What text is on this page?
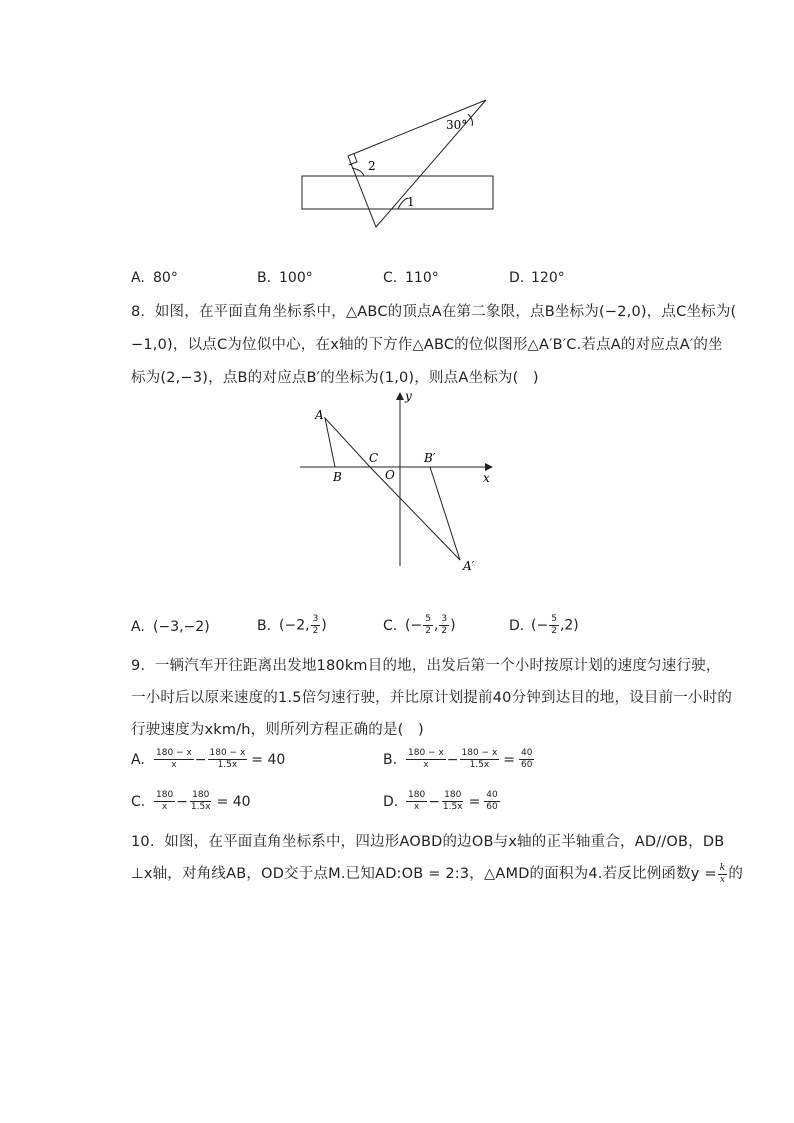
30°
2
1
A. 80°	B. 100°	C. 110°	D. 120°
8.  如图，在平面直角坐标系中，△ABC的顶点A在第二象限，点B坐标为(−2,0)，点C坐标为(
−1,0)，以点C为位似中心，在x轴的下方作△ABC的位似图形△A′B′C.若点A的对应点A′的坐
标为(2,−3)，点B的对应点B′的坐标为(1,0)，则点A坐标为(   )
A
B
C
O
B′
A′
x
y
A. (−3,−2)	B. (−2, $\frac{3}{2}$ )	C. (− $\frac{5}{2}$ , $\frac{3}{2}$ )	D. (− $\frac{5}{2} ,2$)
9.  一辆汽车开往距离出发地180km目的地，出发后第一个小时按原计划的速度匀速行驶，
一小时后以原来速度的1.5倍匀速行驶，并比原计划提前40分钟到达目的地，设目前一小时的
行驶速度为xkm/h，则所列方程正确的是(   )
A.	$\frac{180 - x}{x} - \frac{180 - x}{1.5x} = 40$	B. $\frac{180 - x}{x} - \frac{180 - x}{1.5x} = \frac{40}{60}$
C. $\frac{180}{x} - \frac{180}{1.5x} = 40$	D. $\frac{180}{x} - \frac{180}{1.5x} = \frac{40}{60}$
10.  如图，在平面直角坐标系中，四边形AOBD的边OB与x轴的正半轴重合，AD//OB，DB
⊥x轴，对角线AB，OD交于点M.已知AD:OB = 2:3，△AMD的面积为4.若反比例函数$y = \frac{k}{x}$ 的
